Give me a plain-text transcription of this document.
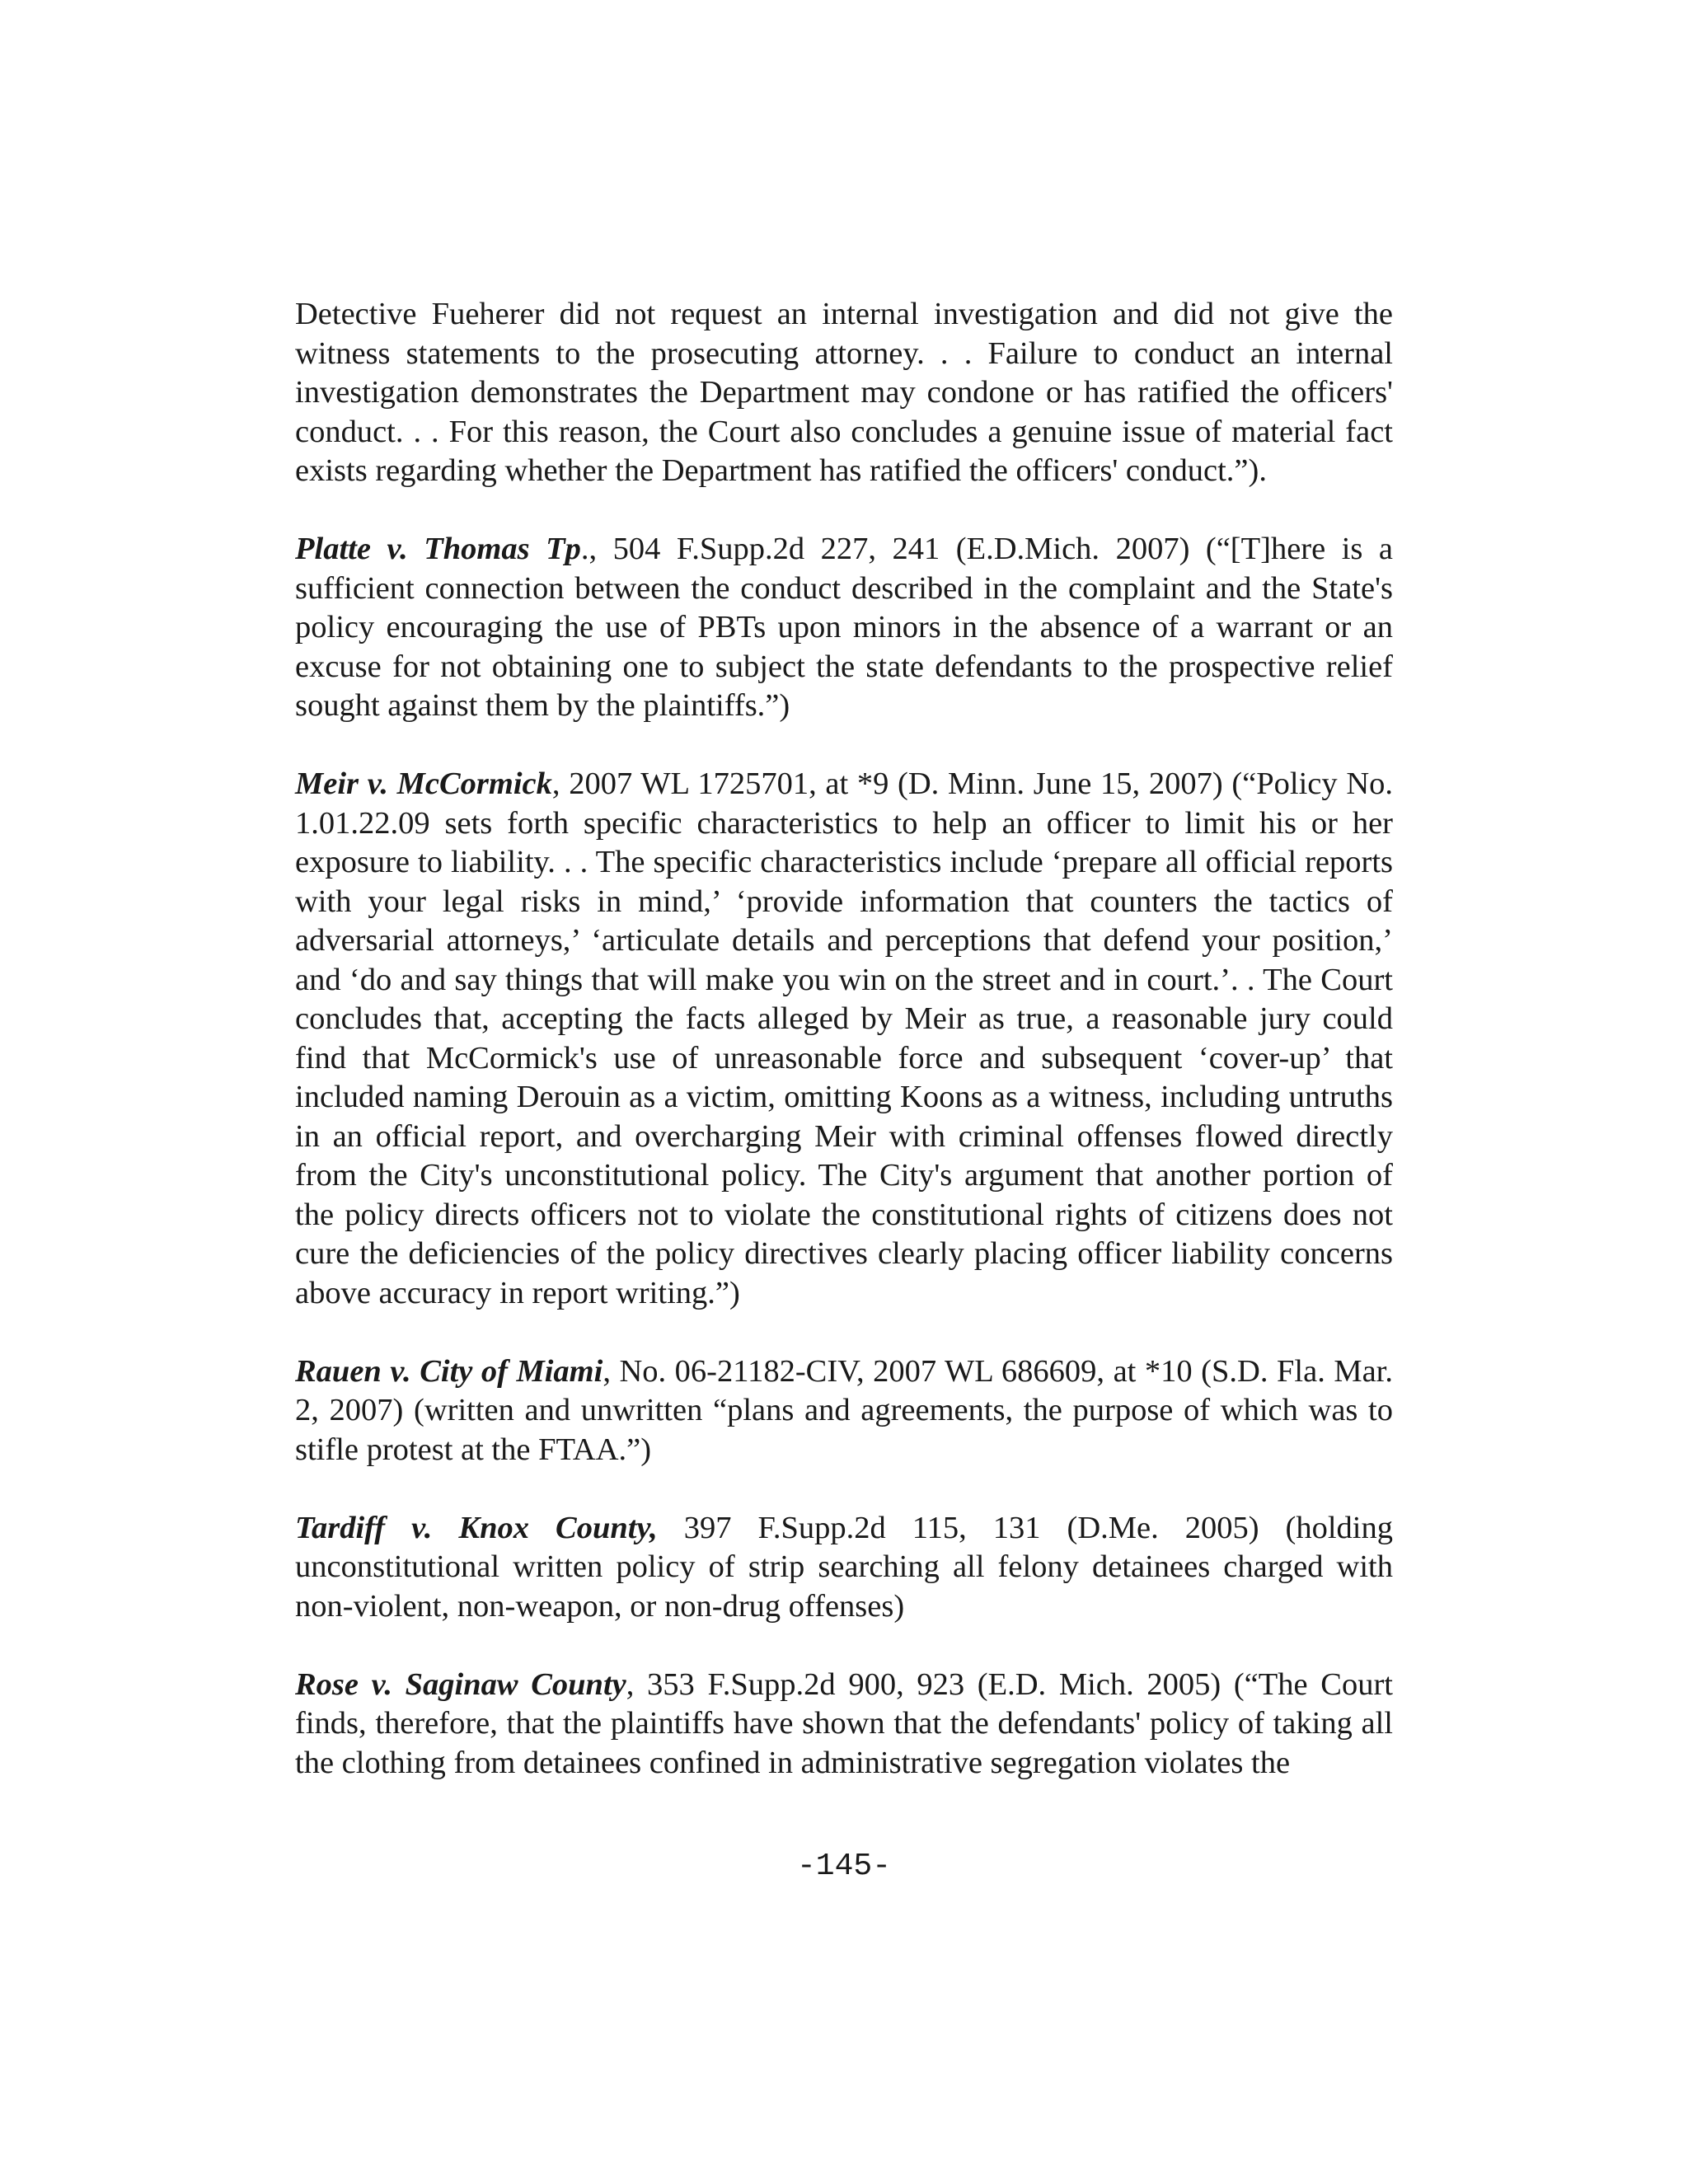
Detective Fueherer did not request an internal investigation and did not give the witness statements to the prosecuting attorney. . . Failure to conduct an internal investigation demonstrates the Department may condone or has ratified the officers' conduct. . . For this reason, the Court also concludes a genuine issue of material fact exists regarding whether the Department has ratified the officers' conduct.”).

Platte v. Thomas Tp., 504 F.Supp.2d 227, 241 (E.D.Mich. 2007) (“[T]here is a sufficient connection between the conduct described in the complaint and the State's policy encouraging the use of PBTs upon minors in the absence of a warrant or an excuse for not obtaining one to subject the state defendants to the prospective relief sought against them by the plaintiffs.”)

Meir v. McCormick, 2007 WL 1725701, at *9 (D. Minn. June 15, 2007) (“Policy No. 1.01.22.09 sets forth specific characteristics to help an officer to limit his or her exposure to liability. . . The specific characteristics include ‘prepare all official reports with your legal risks in mind,’ ‘provide information that counters the tactics of adversarial attorneys,’ ‘articulate details and perceptions that defend your position,’ and ‘do and say things that will make you win on the street and in court.’. . The Court concludes that, accepting the facts alleged by Meir as true, a reasonable jury could find that McCormick's use of unreasonable force and subsequent ‘cover-up’ that included naming Derouin as a victim, omitting Koons as a witness, including untruths in an official report, and overcharging Meir with criminal offenses flowed directly from the City's unconstitutional policy. The City's argument that another portion of the policy directs officers not to violate the constitutional rights of citizens does not cure the deficiencies of the policy directives clearly placing officer liability concerns above accuracy in report writing.”)

Rauen v. City of Miami, No. 06-21182-CIV, 2007 WL 686609, at *10 (S.D. Fla. Mar. 2, 2007) (written and unwritten “plans and agreements, the purpose of which was to stifle protest at the FTAA.”)

Tardiff v. Knox County, 397 F.Supp.2d 115, 131 (D.Me. 2005) (holding unconstitutional written policy of strip searching all felony detainees charged with non-violent, non-weapon, or non-drug offenses)

Rose v. Saginaw County, 353 F.Supp.2d 900, 923 (E.D. Mich. 2005) (“The Court finds, therefore, that the plaintiffs have shown that the defendants' policy of taking all the clothing from detainees confined in administrative segregation violates the

-145-
